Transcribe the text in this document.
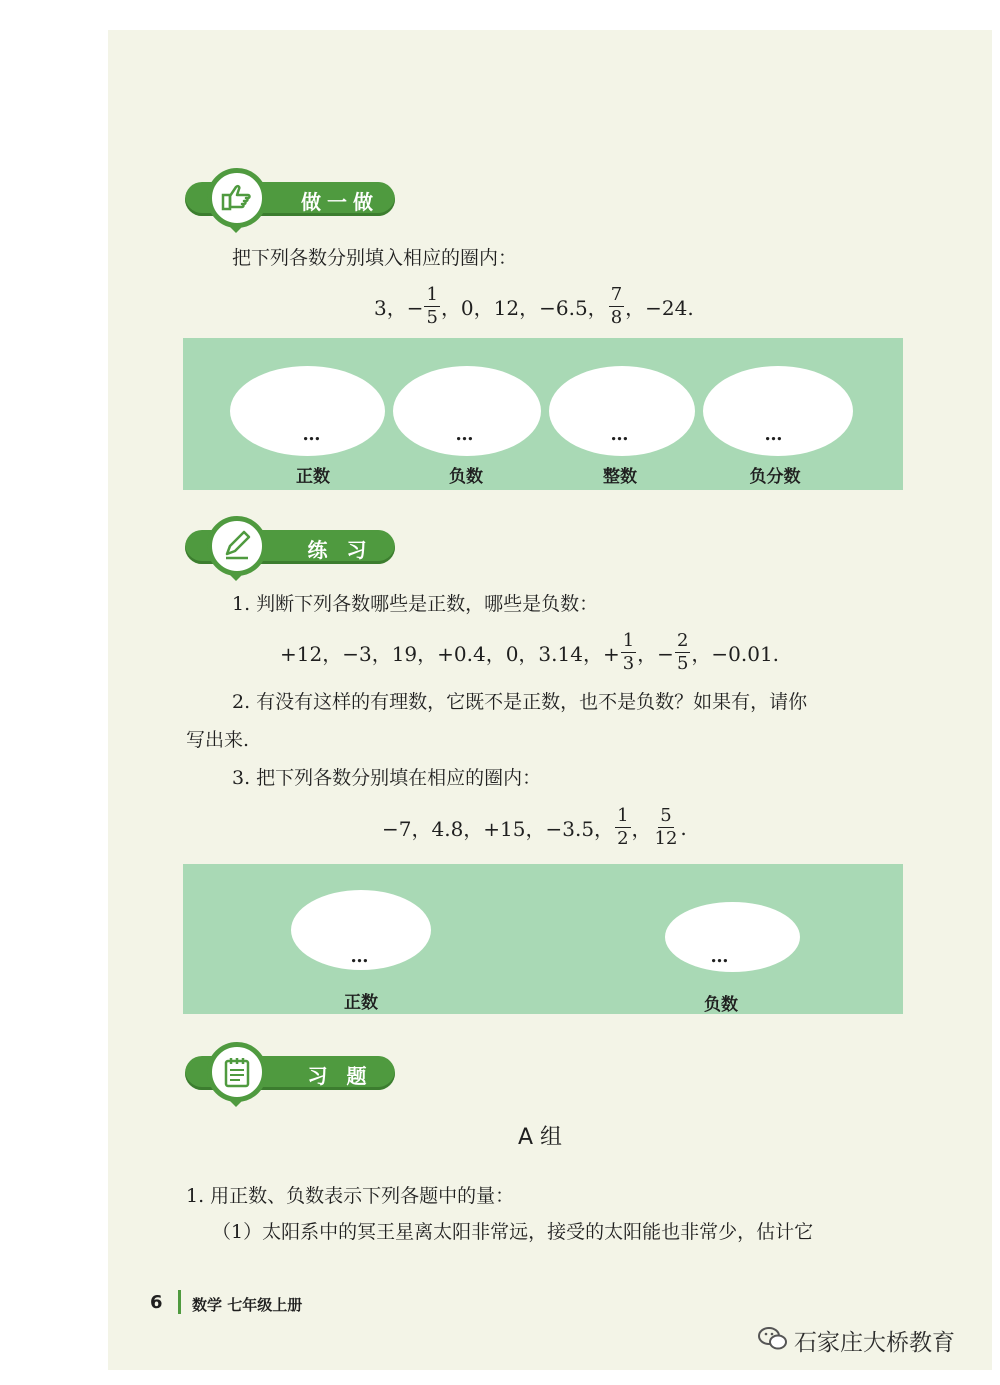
做一做
把下列各数分别填入相应的圈内：
3，− $\frac{1}{5}$ ，0，12，−6.5， $\frac{7}{8}$ ，−24.
…	…	…	…
正数	负数	整数	负分数
练 习
1. 判断下列各数哪些是正数，哪些是负数：
+12，−3，19，+0.4，0，3.14，+ $\frac{1}{3}$ ，− $\frac{2}{5}$ ，−0.01.
2. 有没有这样的有理数，它既不是正数，也不是负数？如果有，请你
写出来.
3. 把下列各数分别填在相应的圈内：
−7，4.8，+15，−3.5， $\frac{1}{2}$ ， $\frac{5}{12}$ .
…	…
正数	负数
习 题
A 组
1. 用正数、负数表示下列各题中的量：
（1）太阳系中的冥王星离太阳非常远，接受的太阳能也非常少，估计它
6 数学 七年级上册
石家庄大桥教育
